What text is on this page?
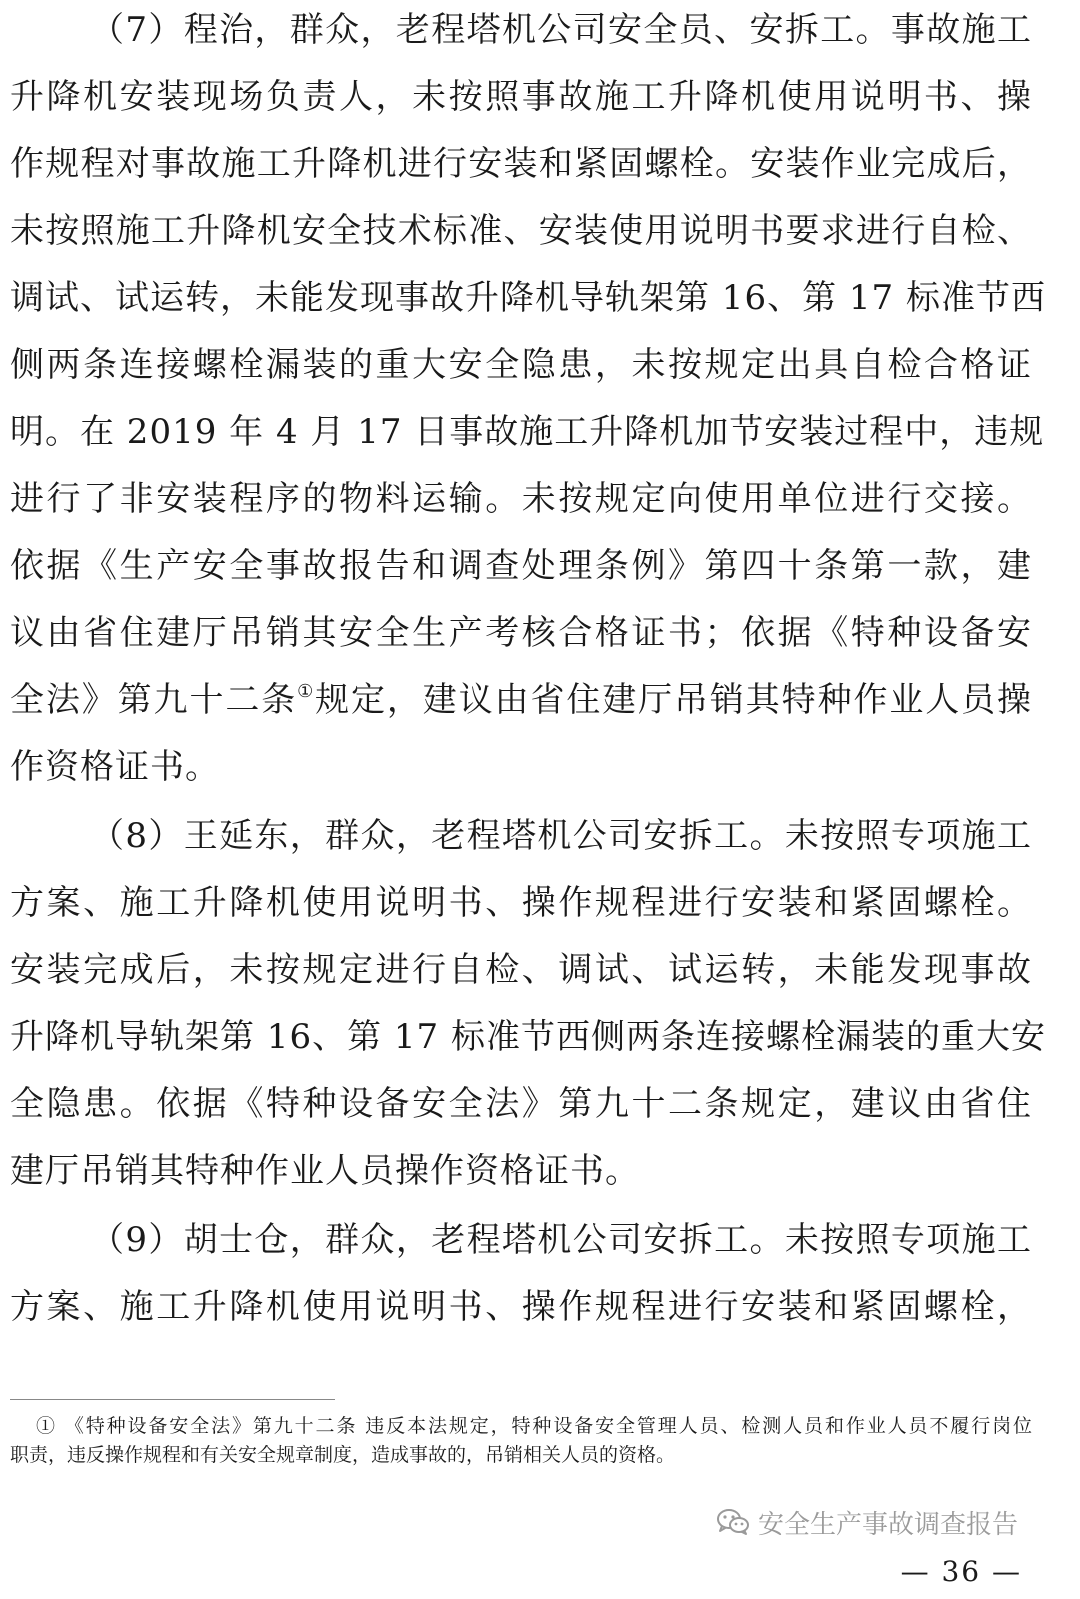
（7）程治，群众，老程塔机公司安全员、安拆工。事故施工
升降机安装现场负责人，未按照事故施工升降机使用说明书、操
作规程对事故施工升降机进行安装和紧固螺栓。安装作业完成后，
未按照施工升降机安全技术标准、安装使用说明书要求进行自检、
调试、试运转，未能发现事故升降机导轨架第 16、第 17 标准节西
侧两条连接螺栓漏装的重大安全隐患，未按规定出具自检合格证
明。在 2019 年 4 月 17 日事故施工升降机加节安装过程中，违规
进行了非安装程序的物料运输。未按规定向使用单位进行交接。
依据《生产安全事故报告和调查处理条例》第四十条第一款，建
议由省住建厅吊销其安全生产考核合格证书；依据《特种设备安
全法》第九十二条①规定，建议由省住建厅吊销其特种作业人员操
作资格证书。
（8）王延东，群众，老程塔机公司安拆工。未按照专项施工
方案、施工升降机使用说明书、操作规程进行安装和紧固螺栓。
安装完成后，未按规定进行自检、调试、试运转，未能发现事故
升降机导轨架第 16、第 17 标准节西侧两条连接螺栓漏装的重大安
全隐患。依据《特种设备安全法》第九十二条规定，建议由省住
建厅吊销其特种作业人员操作资格证书。
（9）胡士仓，群众，老程塔机公司安拆工。未按照专项施工
方案、施工升降机使用说明书、操作规程进行安装和紧固螺栓，
① 《特种设备安全法》第九十二条 违反本法规定，特种设备安全管理人员、检测人员和作业人员不履行岗位
职责，违反操作规程和有关安全规章制度，造成事故的，吊销相关人员的资格。
安全生产事故调查报告
— 36 —
